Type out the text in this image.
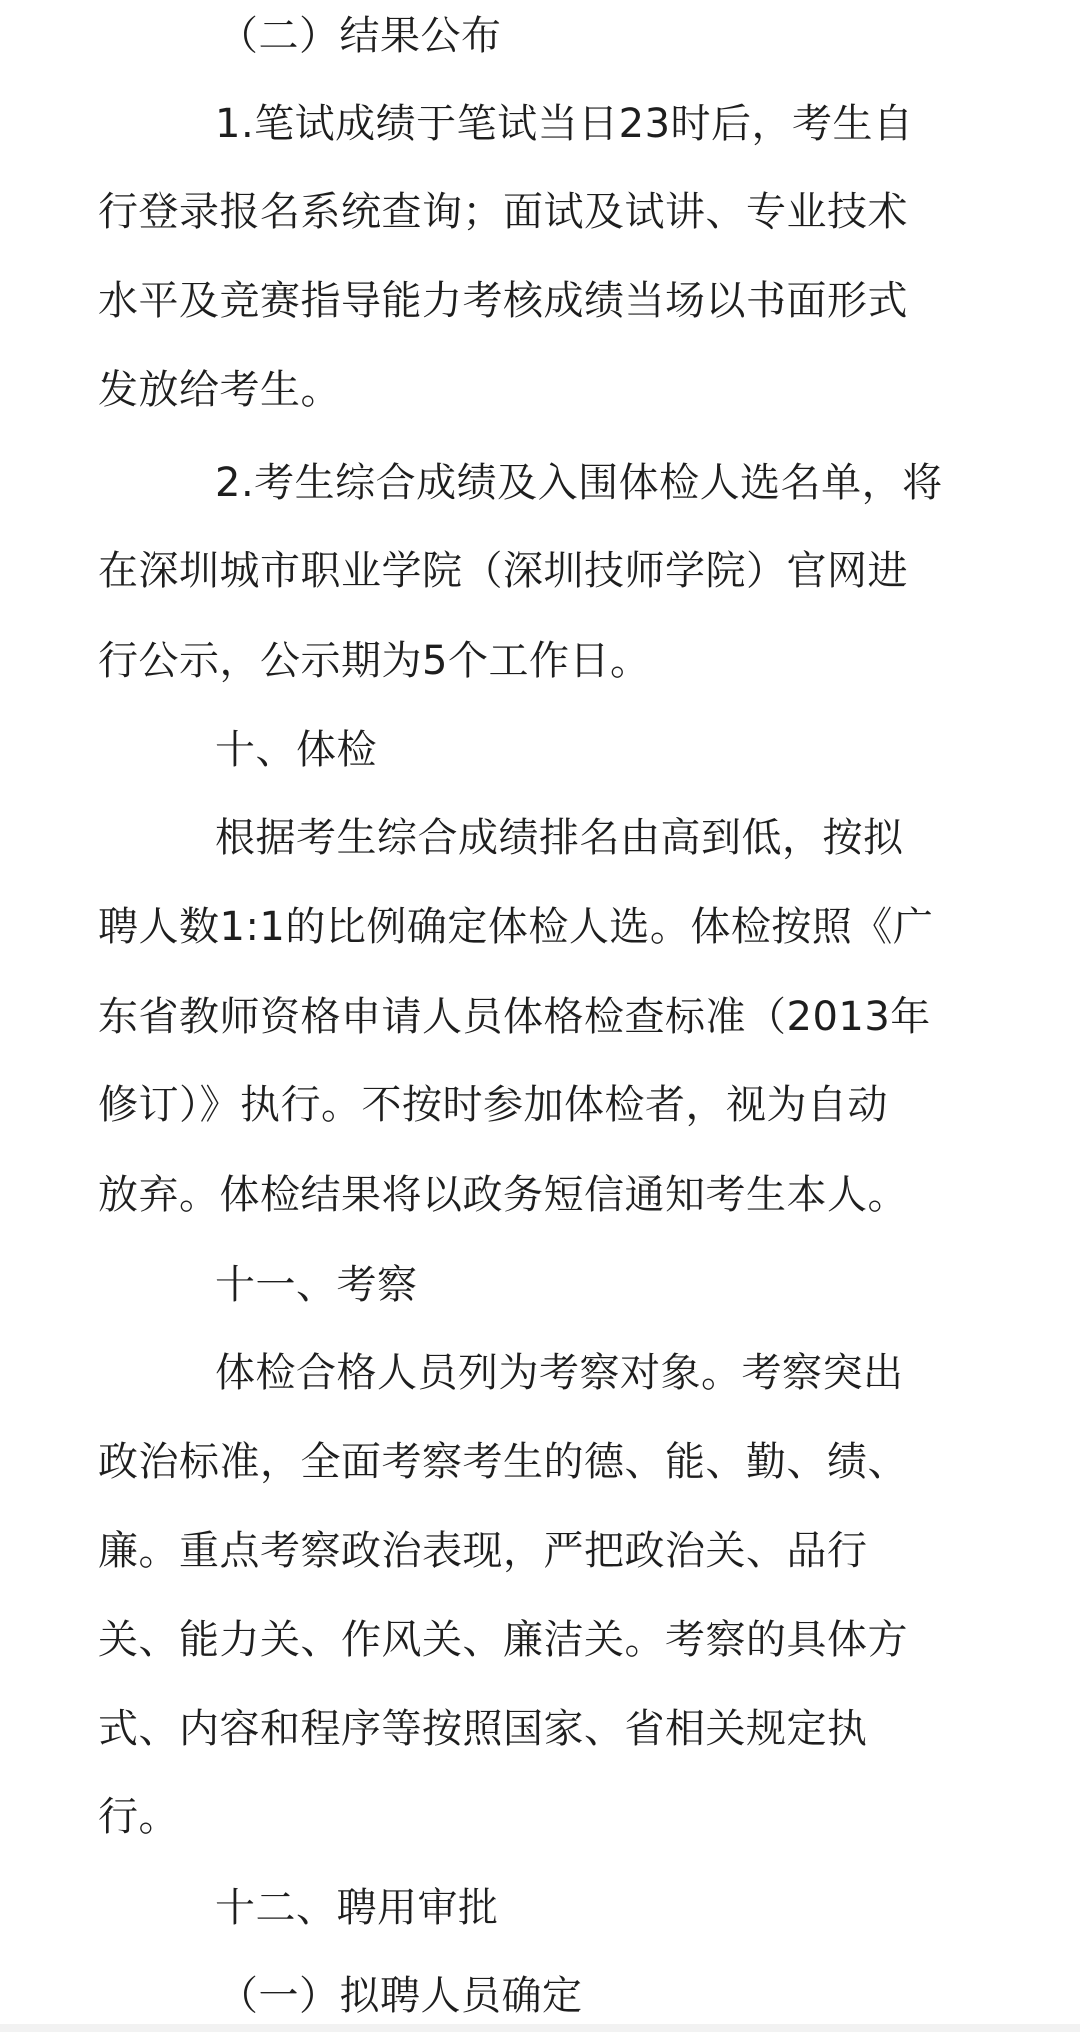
（二）结果公布
1.笔试成绩于笔试当日23时后，考生自
行登录报名系统查询；面试及试讲、专业技术
水平及竞赛指导能力考核成绩当场以书面形式
发放给考生。
2.考生综合成绩及入围体检人选名单，将
在深圳城市职业学院（深圳技师学院）官网进
行公示，公示期为5个工作日。
十、体检
根据考生综合成绩排名由高到低，按拟
聘人数1:1的比例确定体检人选。体检按照《广
东省教师资格申请人员体格检查标准（2013年
修订）》执行。不按时参加体检者，视为自动
放弃。体检结果将以政务短信通知考生本人。
十一、考察
体检合格人员列为考察对象。考察突出
政治标准，全面考察考生的德、能、勤、绩、
廉。重点考察政治表现，严把政治关、品行
关、能力关、作风关、廉洁关。考察的具体方
式、内容和程序等按照国家、省相关规定执
行。
十二、聘用审批
（一）拟聘人员确定
